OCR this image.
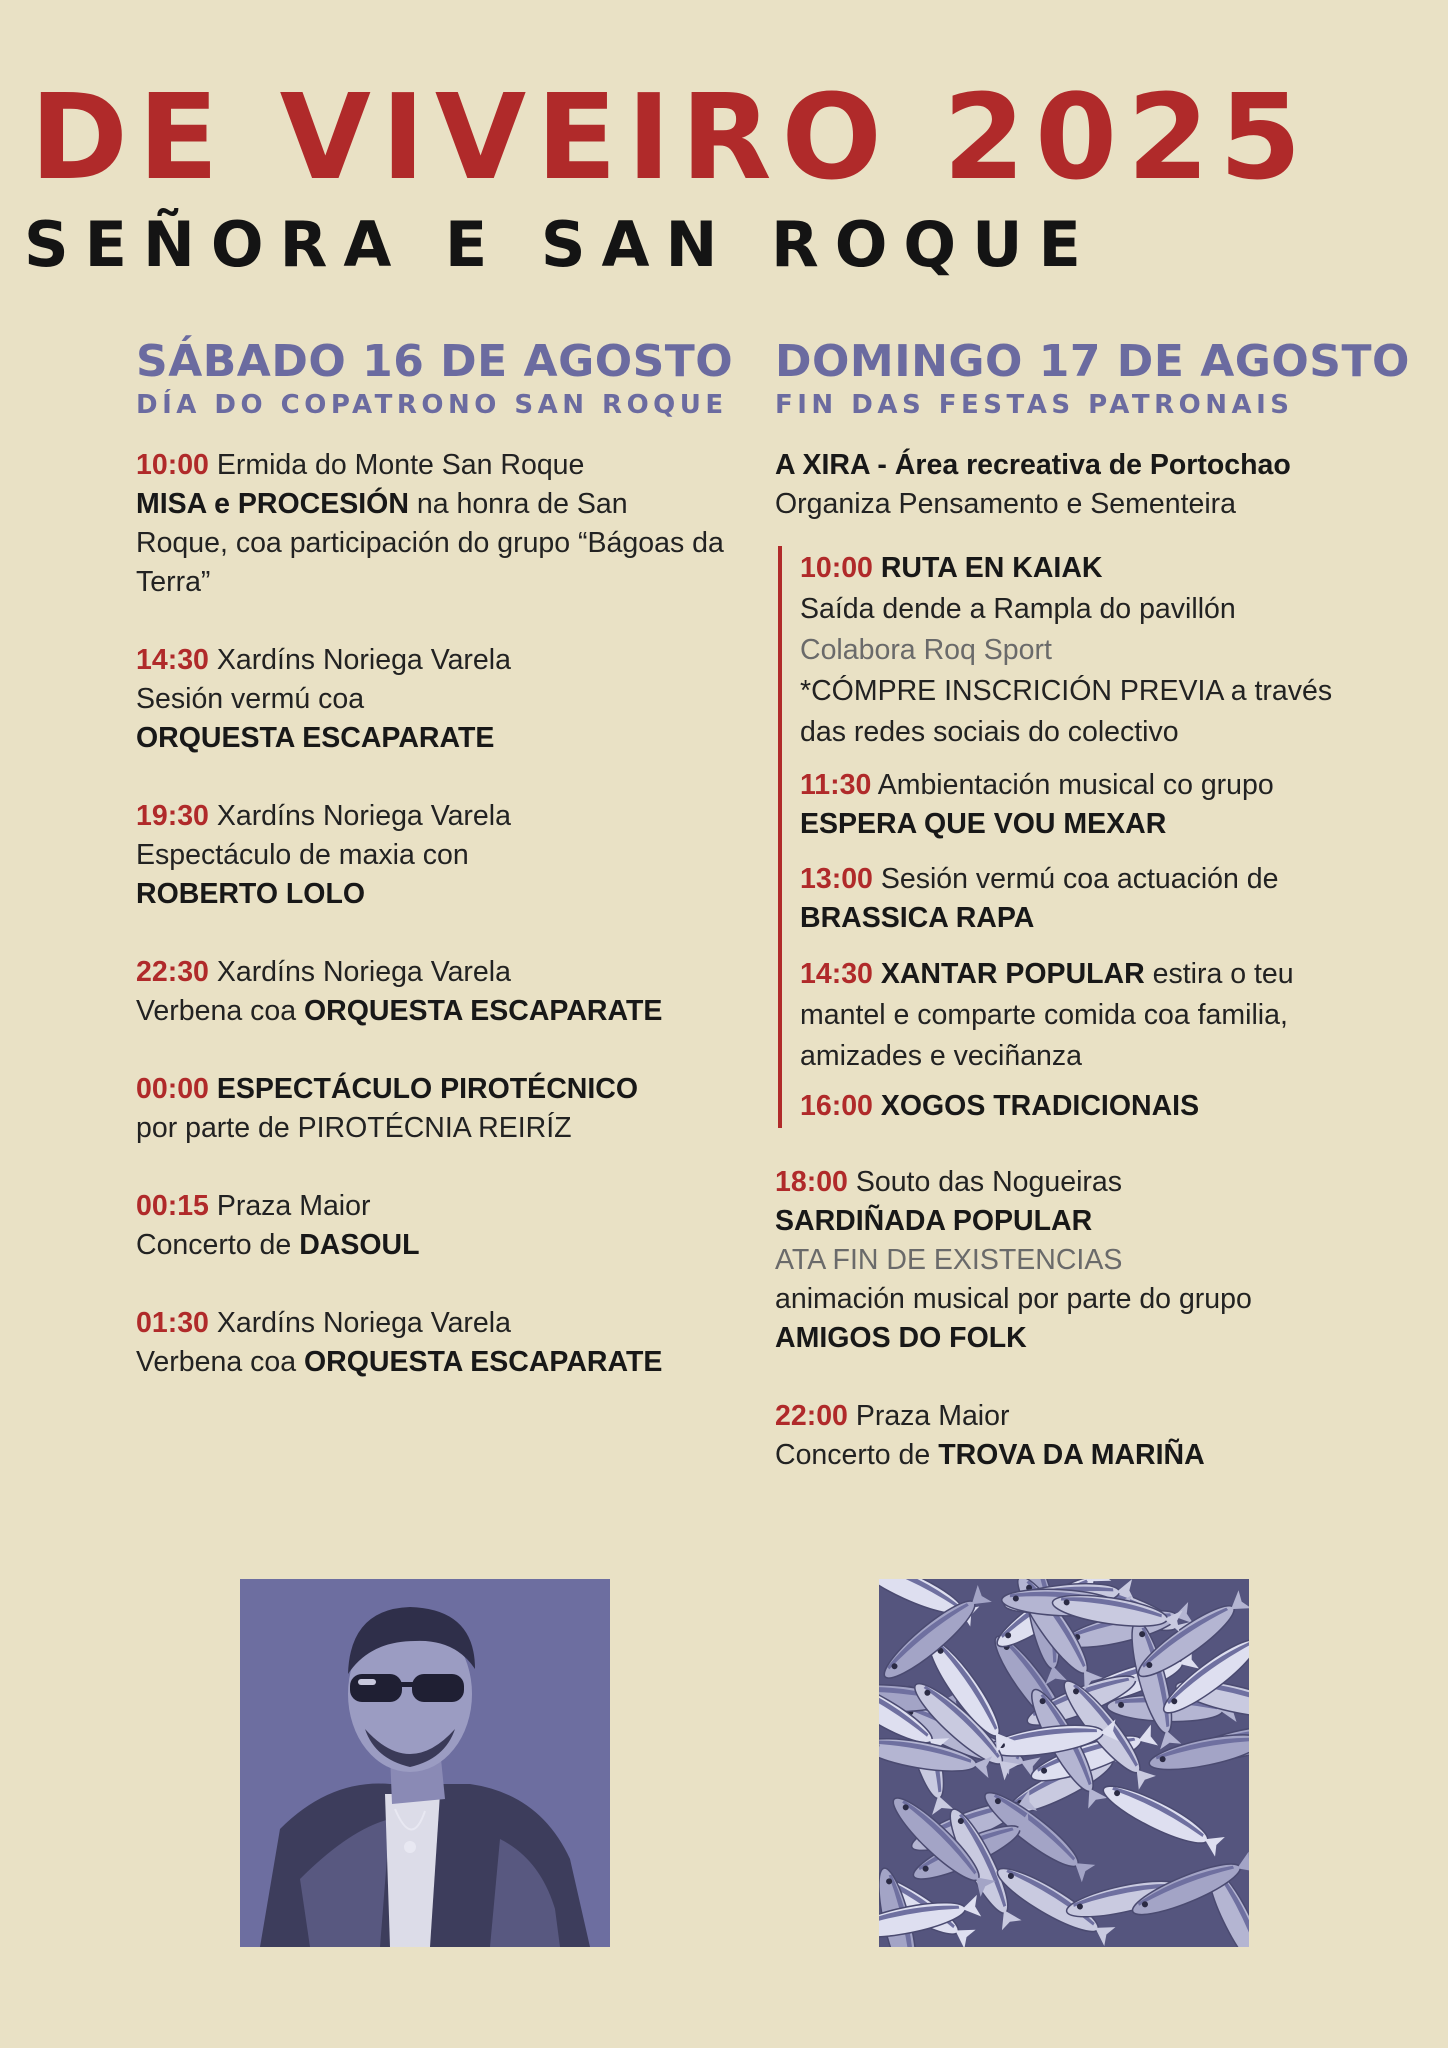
DE VIVEIRO 2025
SEÑORA E SAN ROQUE
SÁBADO 16 DE AGOSTO
DÍA DO COPATRONO SAN ROQUE
10:00 Ermida do Monte San Roque
MISA e PROCESIÓN na honra de San Roque, coa participación do grupo “Bágoas da Terra”
14:30 Xardíns Noriega Varela
Sesión vermú coa
ORQUESTA ESCAPARATE
19:30 Xardíns Noriega Varela
Espectáculo de maxia con
ROBERTO LOLO
22:30 Xardíns Noriega Varela
Verbena coa ORQUESTA ESCAPARATE
00:00 ESPECTÁCULO PIROTÉCNICO
por parte de PIROTÉCNIA REIRÍZ
00:15 Praza Maior
Concerto de DASOUL
01:30 Xardíns Noriega Varela
Verbena coa ORQUESTA ESCAPARATE
DOMINGO 17 DE AGOSTO
FIN DAS FESTAS PATRONAIS
A XIRA - Área recreativa de Portochao
Organiza Pensamento e Sementeira
10:00 RUTA EN KAIAK
Saída dende a Rampla do pavillón
Colabora Roq Sport
*CÓMPRE INSCRICIÓN PREVIA a través das redes sociais do colectivo
11:30 Ambientación musical co grupo
ESPERA QUE VOU MEXAR
13:00 Sesión vermú coa actuación de
BRASSICA RAPA
14:30 XANTAR POPULAR estira o teu mantel e comparte comida coa familia, amizades e veciñanza
16:00 XOGOS TRADICIONAIS
18:00 Souto das Nogueiras
SARDIÑADA POPULAR
ATA FIN DE EXISTENCIAS
animación musical por parte do grupo
AMIGOS DO FOLK
22:00 Praza Maior
Concerto de TROVA DA MARIÑA
